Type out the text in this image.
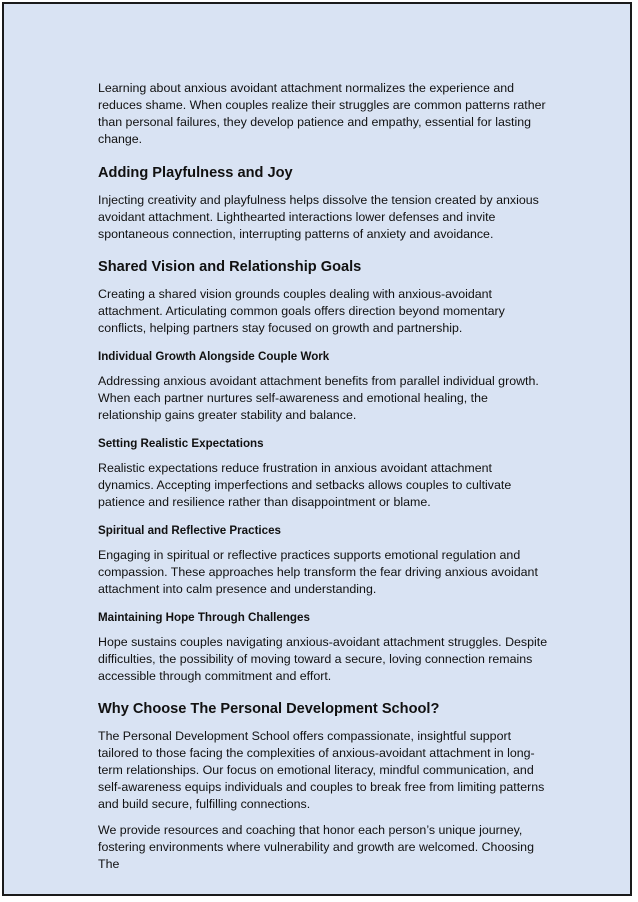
Learning about anxious avoidant attachment normalizes the experience and reduces shame. When couples realize their struggles are common patterns rather than personal failures, they develop patience and empathy, essential for lasting change.

Adding Playfulness and Joy

Injecting creativity and playfulness helps dissolve the tension created by anxious avoidant attachment. Lighthearted interactions lower defenses and invite spontaneous connection, interrupting patterns of anxiety and avoidance.

Shared Vision and Relationship Goals

Creating a shared vision grounds couples dealing with anxious-avoidant attachment. Articulating common goals offers direction beyond momentary conflicts, helping partners stay focused on growth and partnership.

Individual Growth Alongside Couple Work

Addressing anxious avoidant attachment benefits from parallel individual growth. When each partner nurtures self-awareness and emotional healing, the relationship gains greater stability and balance.

Setting Realistic Expectations

Realistic expectations reduce frustration in anxious avoidant attachment dynamics. Accepting imperfections and setbacks allows couples to cultivate patience and resilience rather than disappointment or blame.

Spiritual and Reflective Practices

Engaging in spiritual or reflective practices supports emotional regulation and compassion. These approaches help transform the fear driving anxious avoidant attachment into calm presence and understanding.

Maintaining Hope Through Challenges

Hope sustains couples navigating anxious-avoidant attachment struggles. Despite difficulties, the possibility of moving toward a secure, loving connection remains accessible through commitment and effort.

Why Choose The Personal Development School?

The Personal Development School offers compassionate, insightful support tailored to those facing the complexities of anxious-avoidant attachment in long-term relationships. Our focus on emotional literacy, mindful communication, and self-awareness equips individuals and couples to break free from limiting patterns and build secure, fulfilling connections.

We provide resources and coaching that honor each person’s unique journey, fostering environments where vulnerability and growth are welcomed. Choosing The
